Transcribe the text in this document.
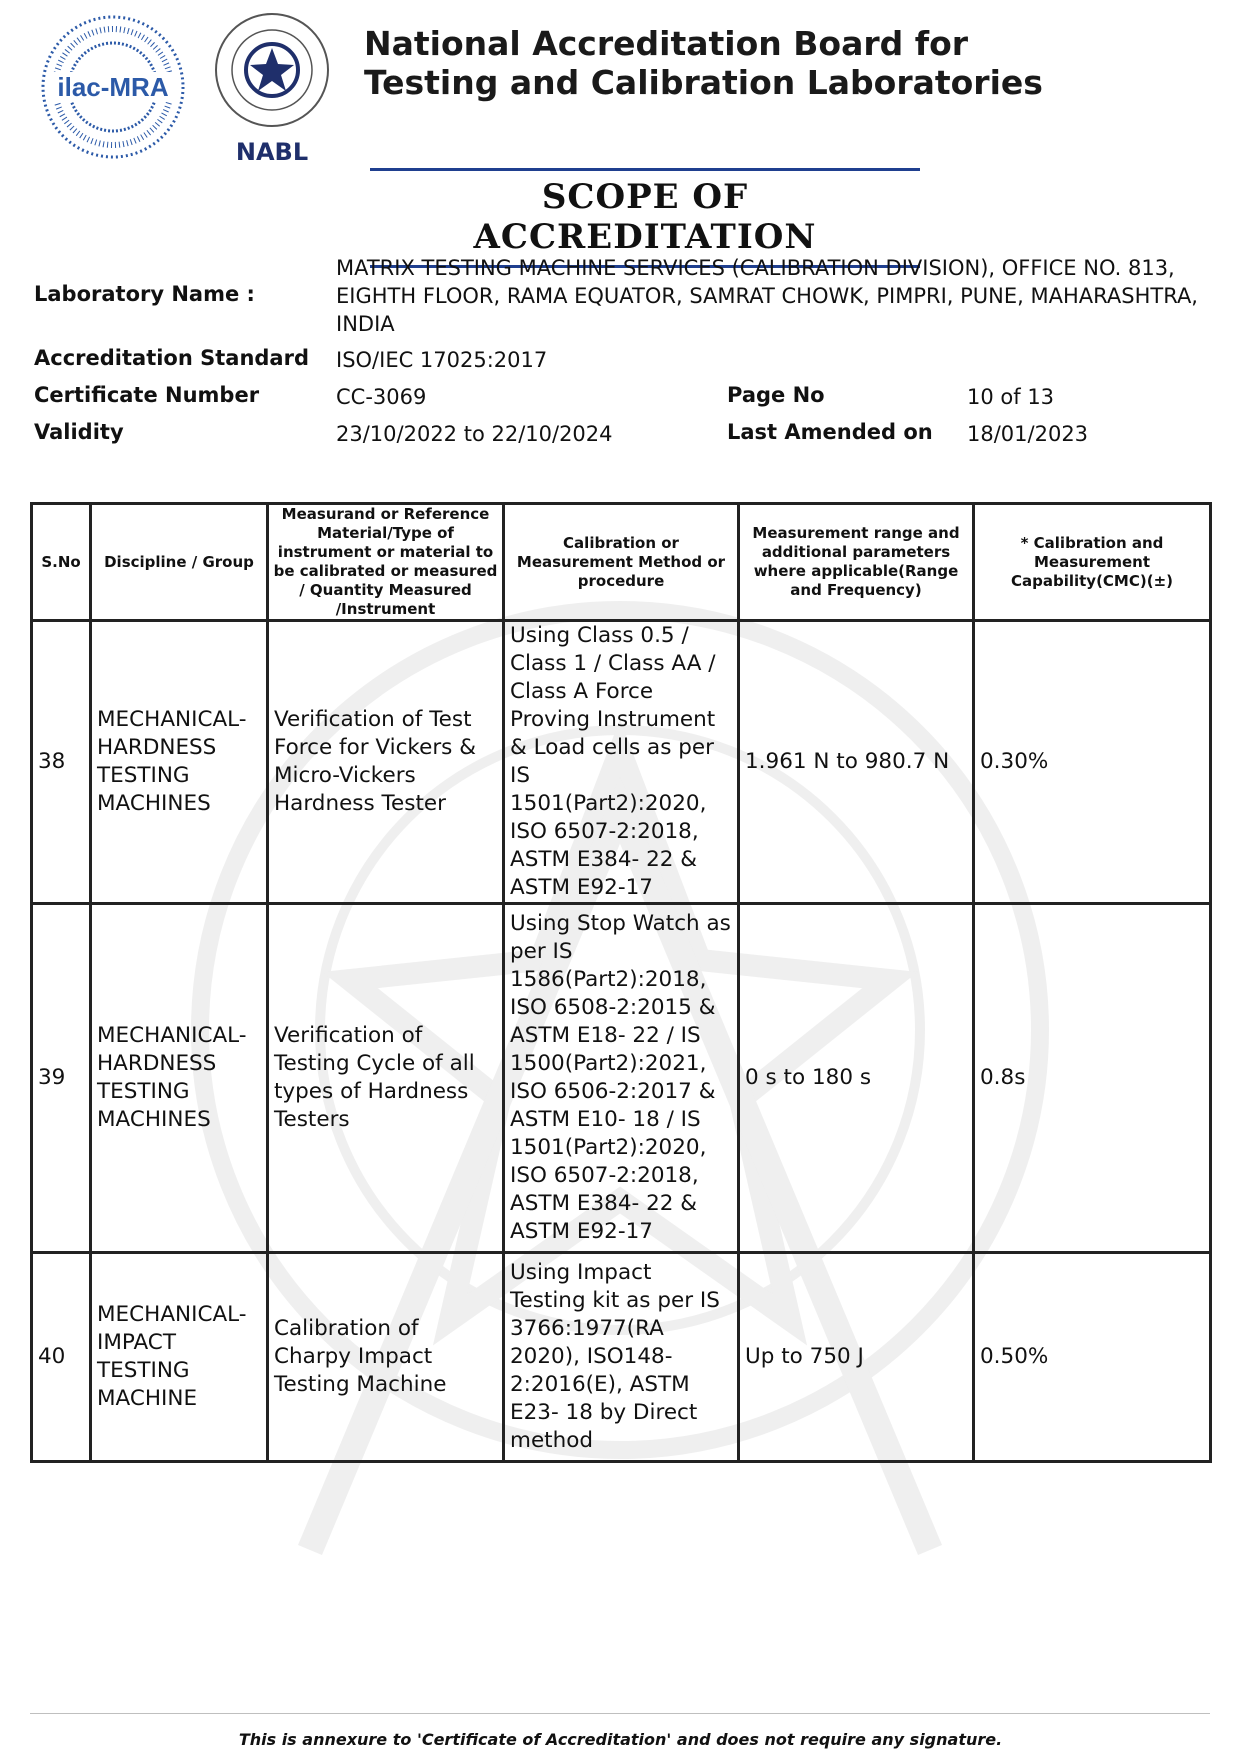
ilac-MRA
NABL
National Accreditation Board for
Testing and Calibration Laboratories
SCOPE OF ACCREDITATION
Laboratory Name :
MATRIX TESTING MACHINE SERVICES (CALIBRATION DIVISION), OFFICE NO. 813,
EIGHTH FLOOR, RAMA EQUATOR, SAMRAT CHOWK, PIMPRI, PUNE, MAHARASHTRA,
INDIA
Accreditation Standard ISO/IEC 17025:2017
Certificate Number	CC-3069	Page No	10 of 13
Validity	23/10/2022 to 22/10/2024	Last Amended on 18/01/2023
S.No	Discipline / Group	Measurand or Reference Material/Type of instrument or material to be calibrated or measured / Quantity Measured /Instrument	Calibration or Measurement Method or procedure	Measurement range and additional parameters where applicable(Range and Frequency)	* Calibration and Measurement Capability(CMC)(±)
38	MECHANICAL- HARDNESS TESTING MACHINES	Verification of Test Force for Vickers & Micro-Vickers Hardness Tester	Using Class 0.5 / Class 1 / Class AA / Class A Force Proving Instrument & Load cells as per IS 1501(Part2):2020, ISO 6507-2:2018, ASTM E384- 22 & ASTM E92-17	1.961 N to 980.7 N	0.30%
39	MECHANICAL- HARDNESS TESTING MACHINES	Verification of Testing Cycle of all types of Hardness Testers	Using Stop Watch as per IS 1586(Part2):2018, ISO 6508-2:2015 & ASTM E18- 22 / IS 1500(Part2):2021, ISO 6506-2:2017 & ASTM E10- 18 / IS 1501(Part2):2020, ISO 6507-2:2018, ASTM E384- 22 & ASTM E92-17	0 s to 180 s	0.8s
40	MECHANICAL- IMPACT TESTING MACHINE	Calibration of Charpy Impact Testing Machine	Using Impact Testing kit as per IS 3766:1977(RA 2020), ISO148- 2:2016(E), ASTM E23- 18 by Direct method	Up to 750 J	0.50%
This is annexure to 'Certificate of Accreditation' and does not require any signature.
